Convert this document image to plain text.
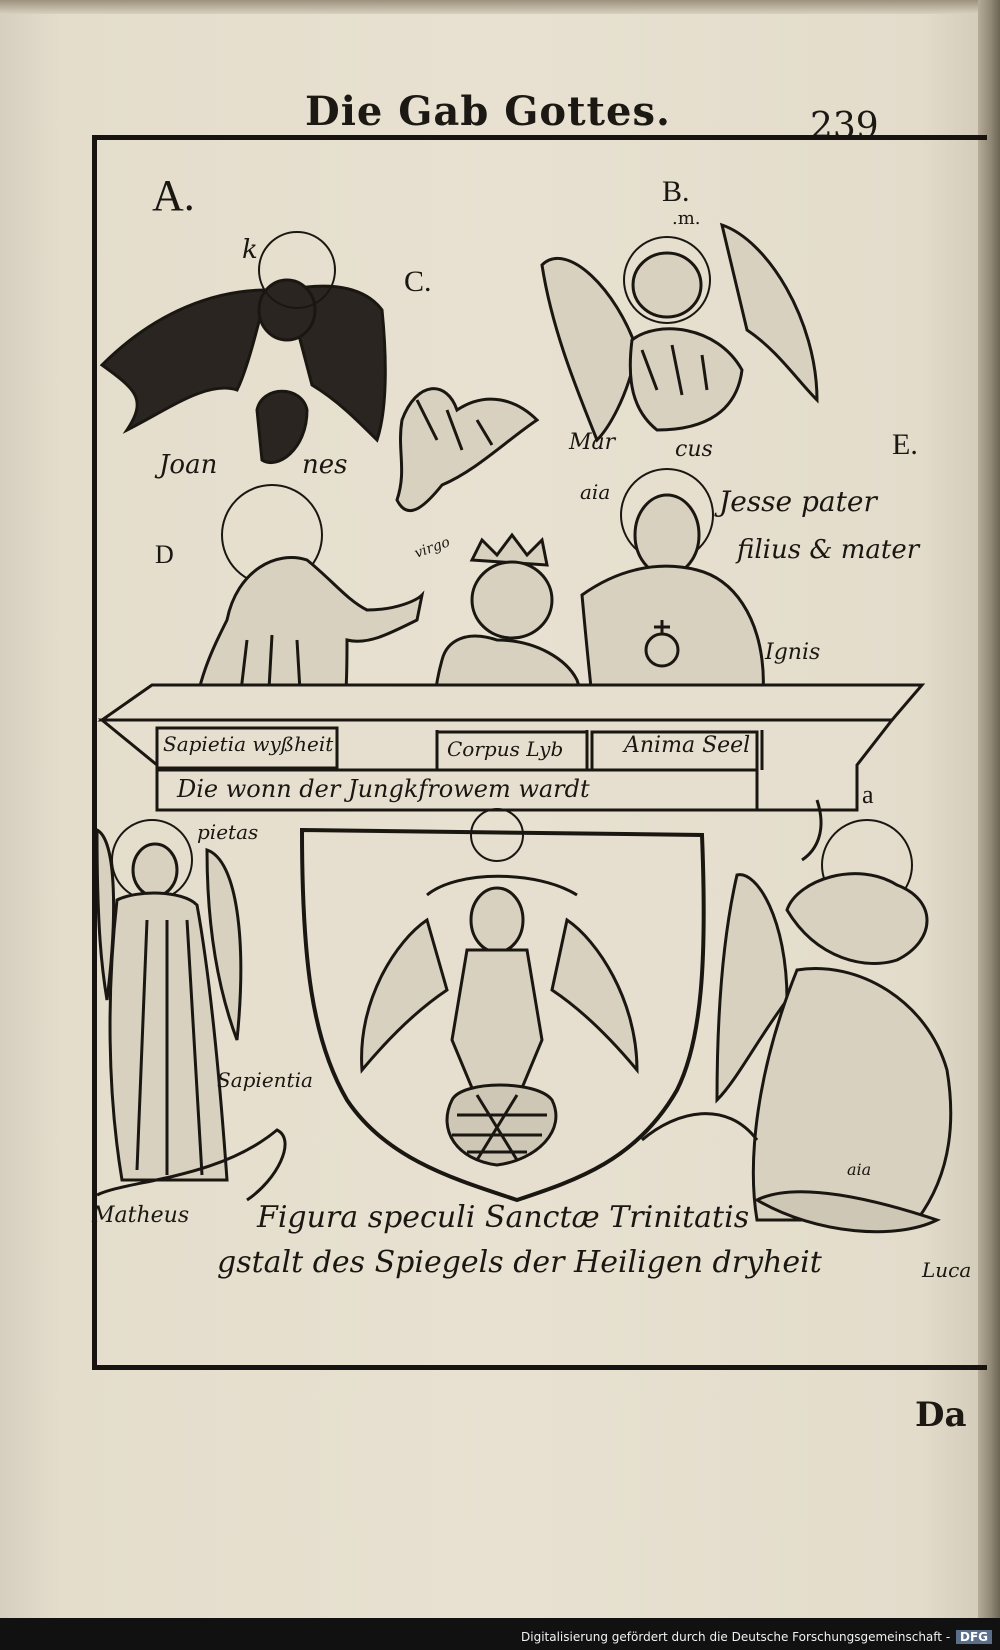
Die Gab Gottes.	239
A.	B.
.m.
C.
k
E.
D
a
Joan	nes
Mar	cus
aia	Jesse pater
filius & mater
Ignis
virgo
Sapietia wyßheit	Corpus Lyb	Anima Seel
Die wonn der Jungkfrowem wardt
pietas
Sapientia
Matheus
aia
Luca
Figura speculi Sanctæ Trinitatis
gstalt des Spiegels der Heiligen dryheit
Da
Digitalisierung gefördert durch die Deutsche Forschungsgemeinschaft - DFG
